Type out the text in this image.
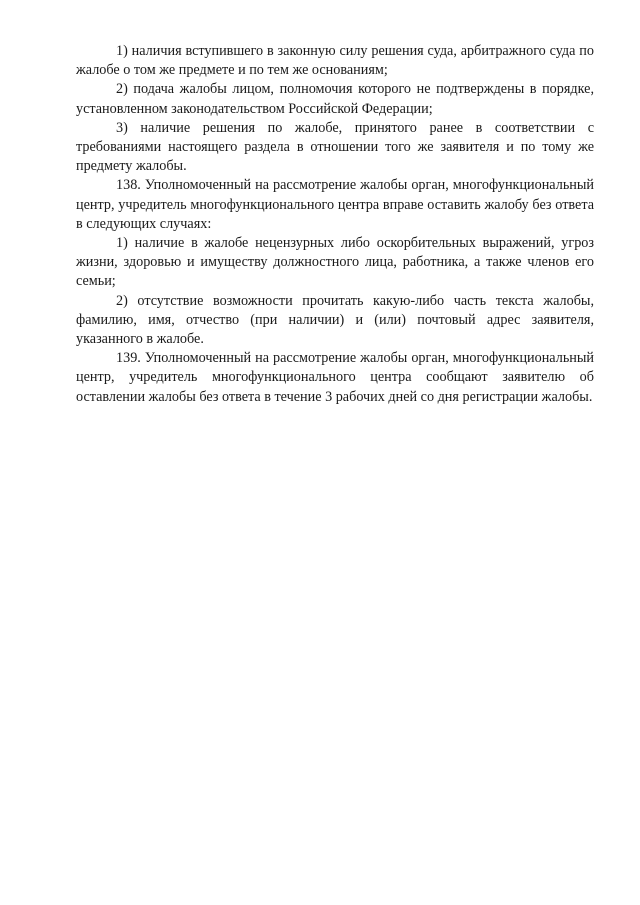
1) наличия вступившего в законную силу решения суда, арбитражного суда по жалобе о том же предмете и по тем же основаниям;

2) подача жалобы лицом, полномочия которого не подтверждены в порядке, установленном законодательством Российской Федерации;

3) наличие решения по жалобе, принятого ранее в соответствии с требованиями настоящего раздела в отношении того же заявителя и по тому же предмету жалобы.

138. Уполномоченный на рассмотрение жалобы орган, многофункциональный центр, учредитель многофункционального центра вправе оставить жалобу без ответа в следующих случаях:

1) наличие в жалобе нецензурных либо оскорбительных выражений, угроз жизни, здоровью и имуществу должностного лица, работника, а также членов его семьи;

2) отсутствие возможности прочитать какую-либо часть текста жалобы, фамилию, имя, отчество (при наличии) и (или) почтовый адрес заявителя, указанного в жалобе.

139. Уполномоченный на рассмотрение жалобы орган, многофункциональный центр, учредитель многофункционального центра сообщают заявителю об оставлении жалобы без ответа в течение 3 рабочих дней со дня регистрации жалобы.
